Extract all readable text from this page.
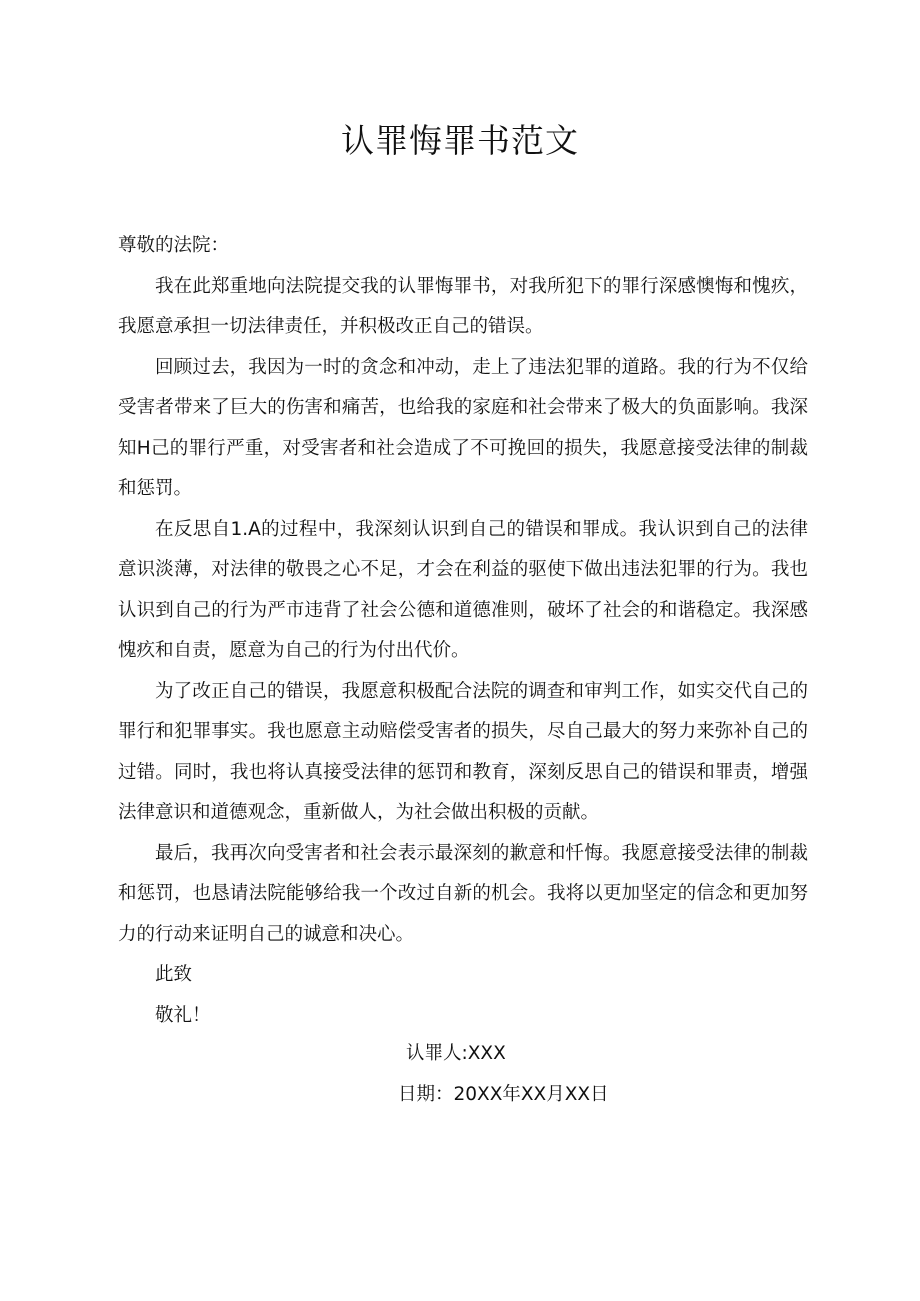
认罪悔罪书范文

尊敬的法院：

我在此郑重地向法院提交我的认罪悔罪书，对我所犯下的罪行深感懊悔和愧疚，我愿意承担一切法律责任，并积极改正自己的错误。

回顾过去，我因为一时的贪念和冲动，走上了违法犯罪的道路。我的行为不仅给受害者带来了巨大的伤害和痛苦，也给我的家庭和社会带来了极大的负面影响。我深知H己的罪行严重，对受害者和社会造成了不可挽回的损失，我愿意接受法律的制裁和惩罚。

在反思自1.A的过程中，我深刻认识到自己的错误和罪成。我认识到自己的法律意识淡薄，对法律的敬畏之心不足，才会在利益的驱使下做出违法犯罪的行为。我也认识到自己的行为严市违背了社会公德和道德准则，破坏了社会的和谐稳定。我深感愧疚和自责，愿意为自己的行为付出代价。

为了改正自己的错误，我愿意积极配合法院的调查和审判工作，如实交代自己的罪行和犯罪事实。我也愿意主动赔偿受害者的损失，尽自己最大的努力来弥补自己的过错。同时，我也将认真接受法律的惩罚和教育，深刻反思自己的错误和罪责，增强法律意识和道德观念，重新做人，为社会做出积极的贡献。

最后，我再次向受害者和社会表示最深刻的歉意和忏悔。我愿意接受法律的制裁和惩罚，也恳请法院能够给我一个改过自新的机会。我将以更加坚定的信念和更加努力的行动来证明自己的诚意和决心。

此致

敬礼！

认罪人:XXX
日期：20XX年XX月XX日
